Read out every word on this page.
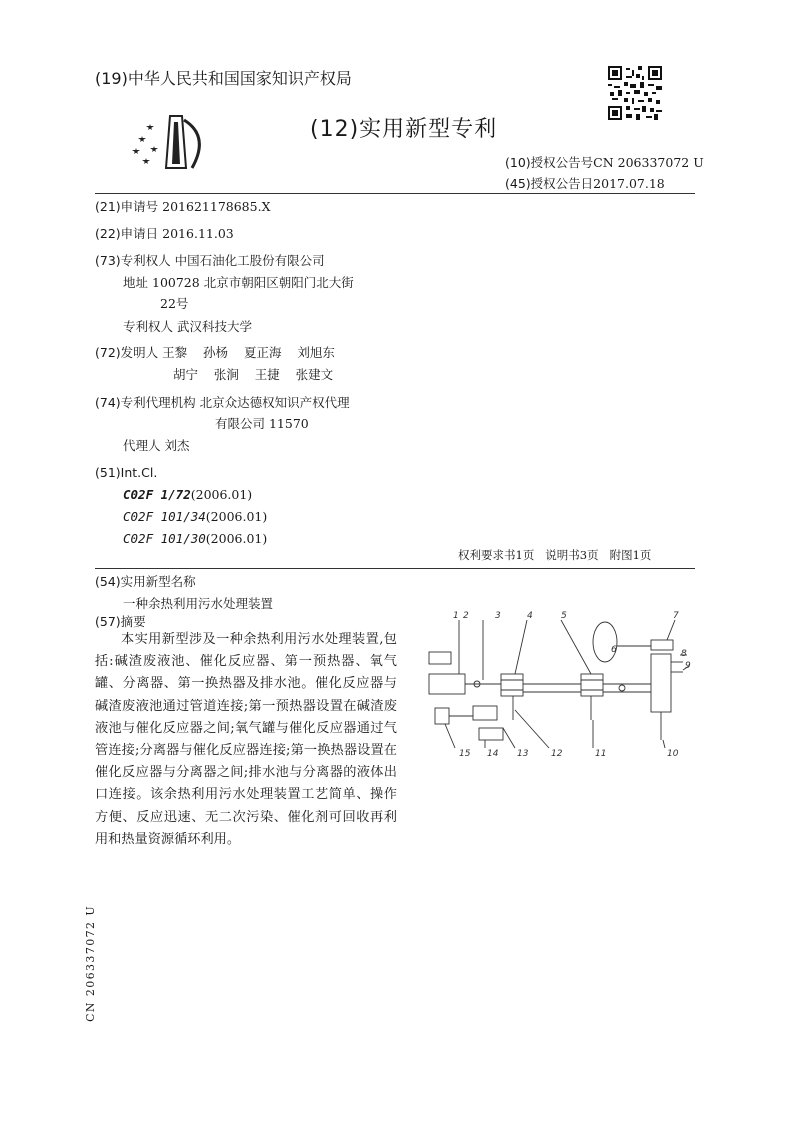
(19)中华人民共和国国家知识产权局
(12)实用新型专利
(10)授权公告号CN 206337072 U
(45)授权公告日2017.07.18
(21)申请号 201621178685.X
(22)申请日 2016.11.03
(73)专利权人 中国石油化工股份有限公司
地址 100728 北京市朝阳区朝阳门北大街
22号
专利权人 武汉科技大学
(72)发明人 王黎    孙杨    夏正海    刘旭东
胡宁    张涧    王捷    张建文
(74)专利代理机构 北京众达德权知识产权代理
有限公司 11570
代理人 刘杰
(51)Int.Cl.
C02F 1/72(2006.01)
C02F 101/34(2006.01)
C02F 101/30(2006.01)
权利要求书1页   说明书3页   附图1页
(54)实用新型名称
一种余热利用污水处理装置
(57)摘要
本实用新型涉及一种余热利用污水处理装置,包括:碱渣废液池、催化反应器、第一预热器、氧气罐、分离器、第一换热器及排水池。催化反应器与碱渣废液池通过管道连接;第一预热器设置在碱渣废液池与催化反应器之间;氧气罐与催化反应器通过气管连接;分离器与催化反应器连接;第一换热器设置在催化反应器与分离器之间;排水池与分离器的液体出口连接。该余热利用污水处理装置工艺简单、操作方便、反应迅速、无二次污染、催化剂可回收再利用和热量资源循环利用。
1 2	3	4	5
6
7
8
9
15 14 13	12	11	10
CN 206337072 U
